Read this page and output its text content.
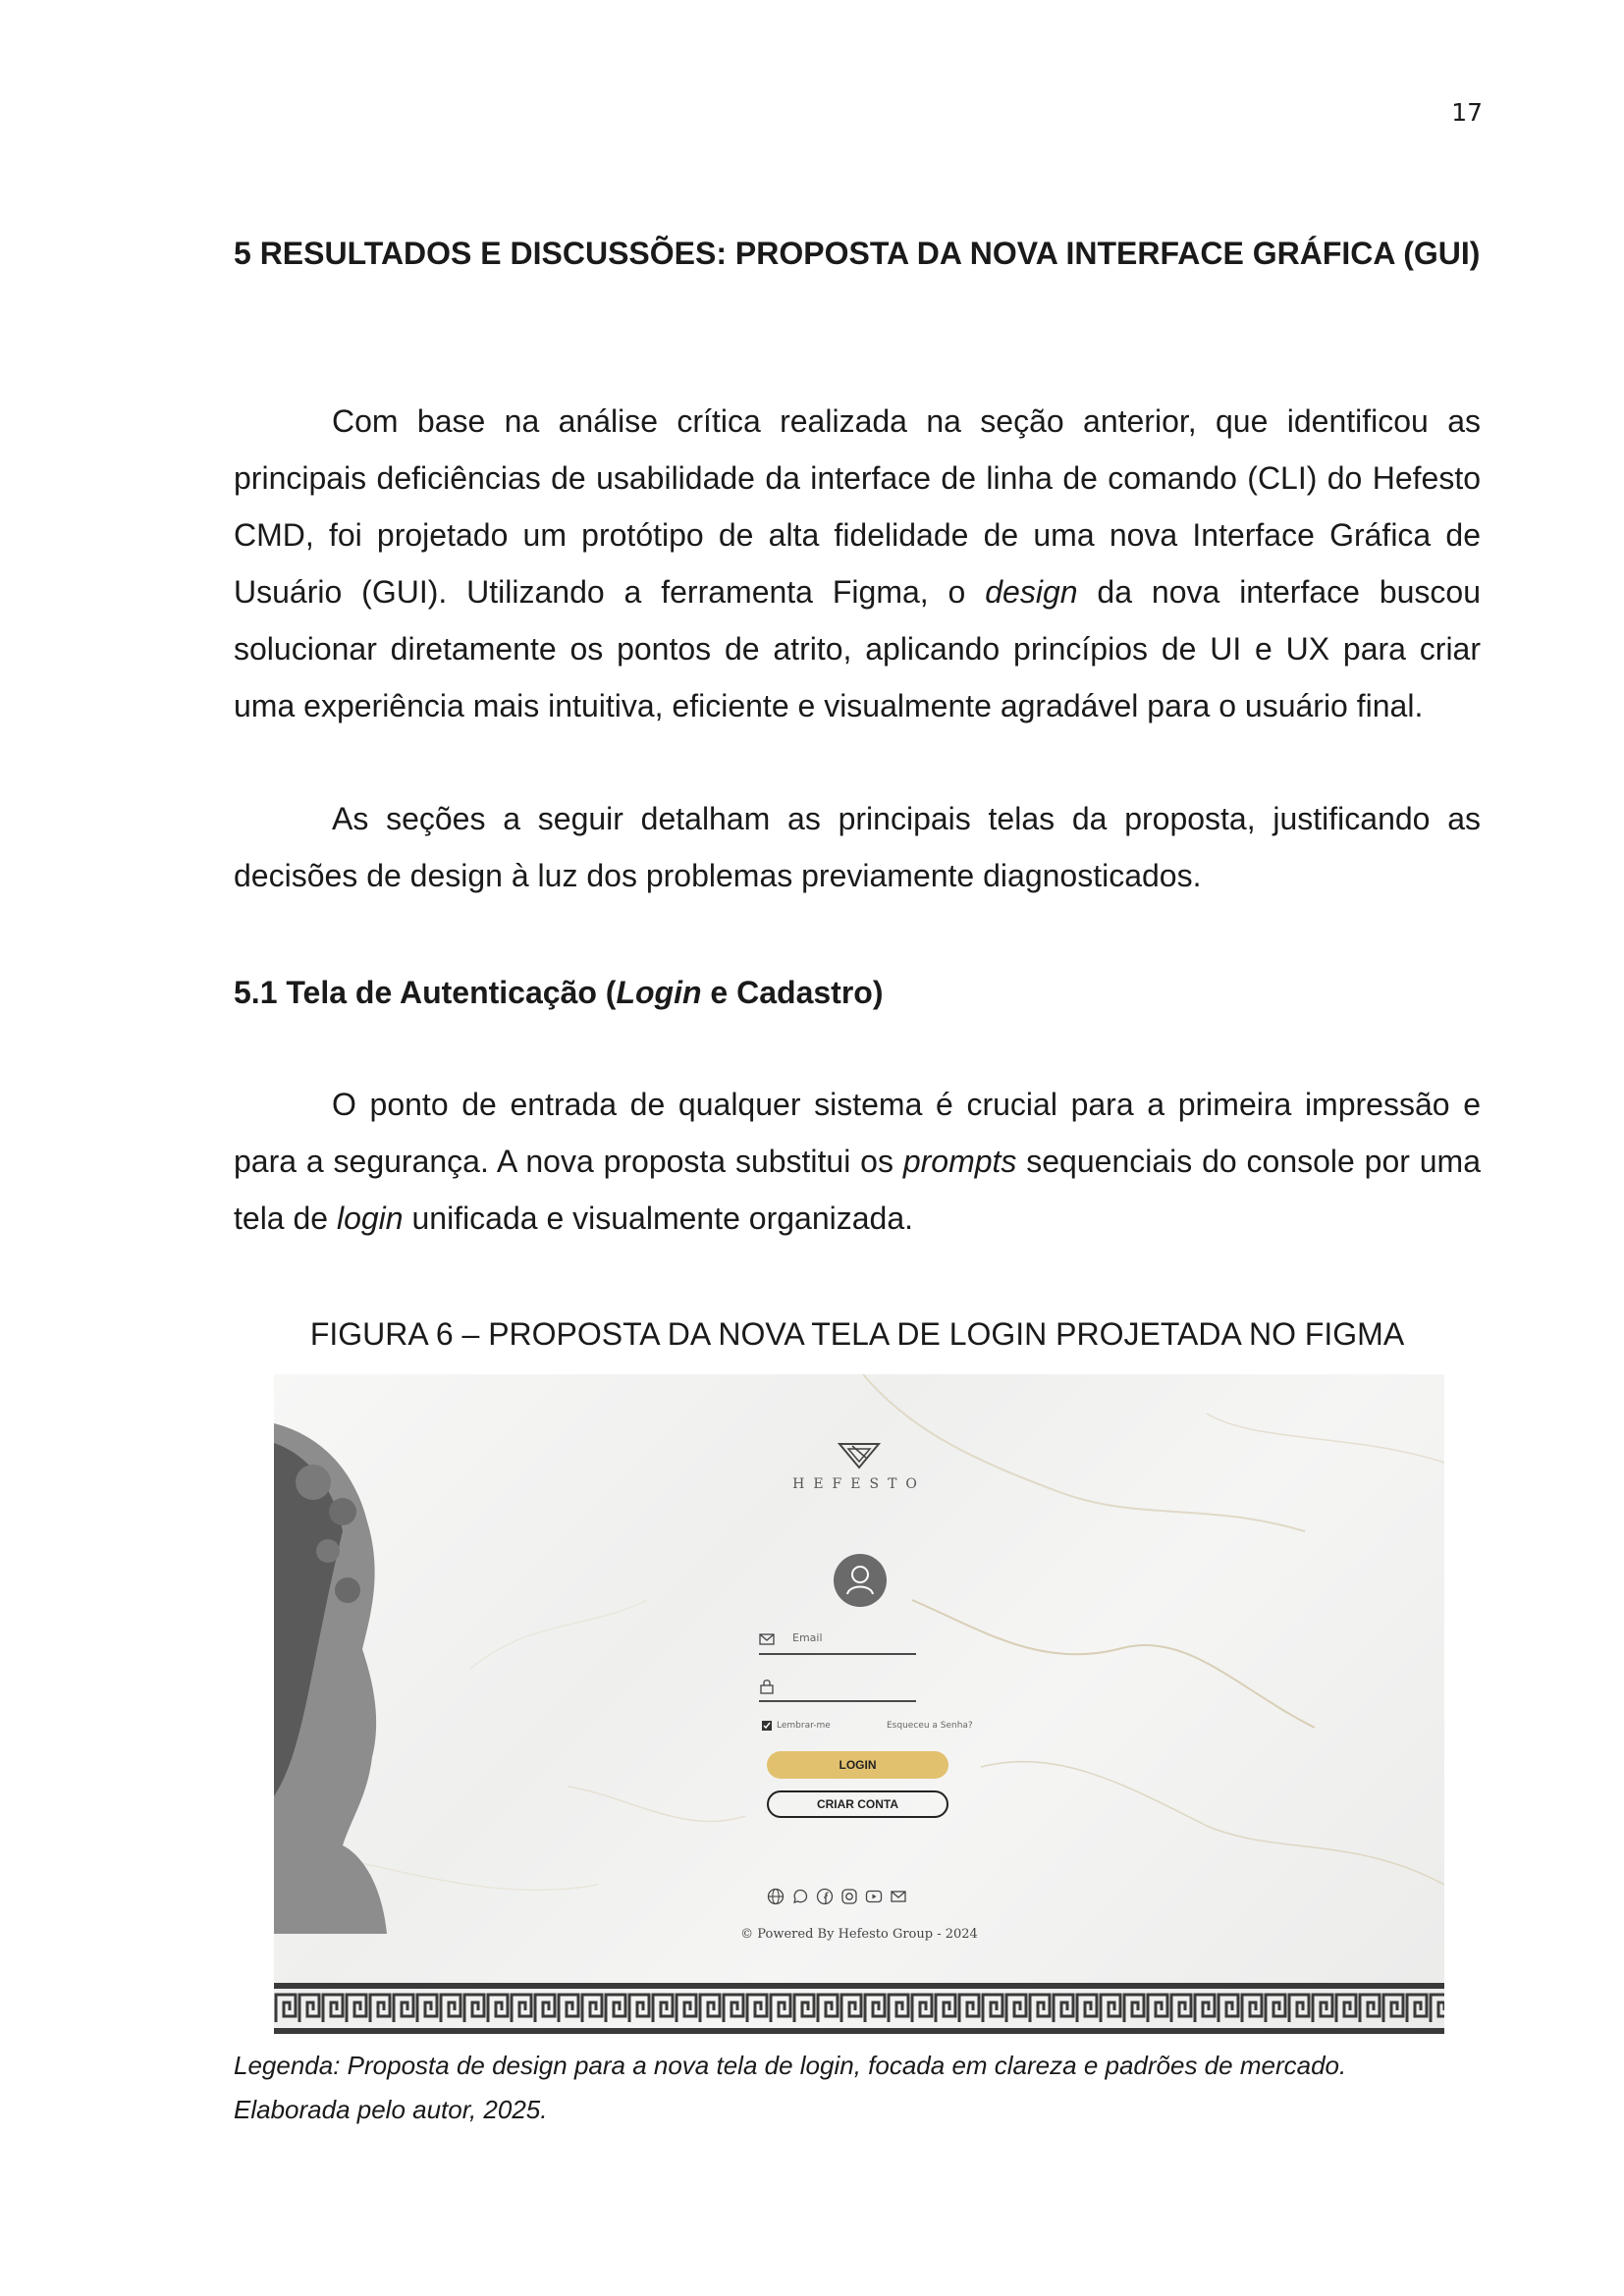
17
5 RESULTADOS E DISCUSSÕES: PROPOSTA DA NOVA INTERFACE GRÁFICA (GUI)

Com base na análise crítica realizada na seção anterior, que identificou as principais deficiências de usabilidade da interface de linha de comando (CLI) do Hefesto CMD, foi projetado um protótipo de alta fidelidade de uma nova Interface Gráfica de Usuário (GUI). Utilizando a ferramenta Figma, o design da nova interface buscou solucionar diretamente os pontos de atrito, aplicando princípios de UI e UX para criar uma experiência mais intuitiva, eficiente e visualmente agradável para o usuário final.

As seções a seguir detalham as principais telas da proposta, justificando as decisões de design à luz dos problemas previamente diagnosticados.

5.1 Tela de Autenticação (Login e Cadastro)

O ponto de entrada de qualquer sistema é crucial para a primeira impressão e para a segurança. A nova proposta substitui os prompts sequenciais do console por uma tela de login unificada e visualmente organizada.

FIGURA 6 – PROPOSTA DA NOVA TELA DE LOGIN PROJETADA NO FIGMA
HEFESTO
Email
Lembrar-me	Esqueceu a Senha?
LOGIN
CRIAR CONTA
© Powered By Hefesto Group - 2024

Legenda: Proposta de design para a nova tela de login, focada em clareza e padrões de mercado.

Elaborada pelo autor, 2025.
